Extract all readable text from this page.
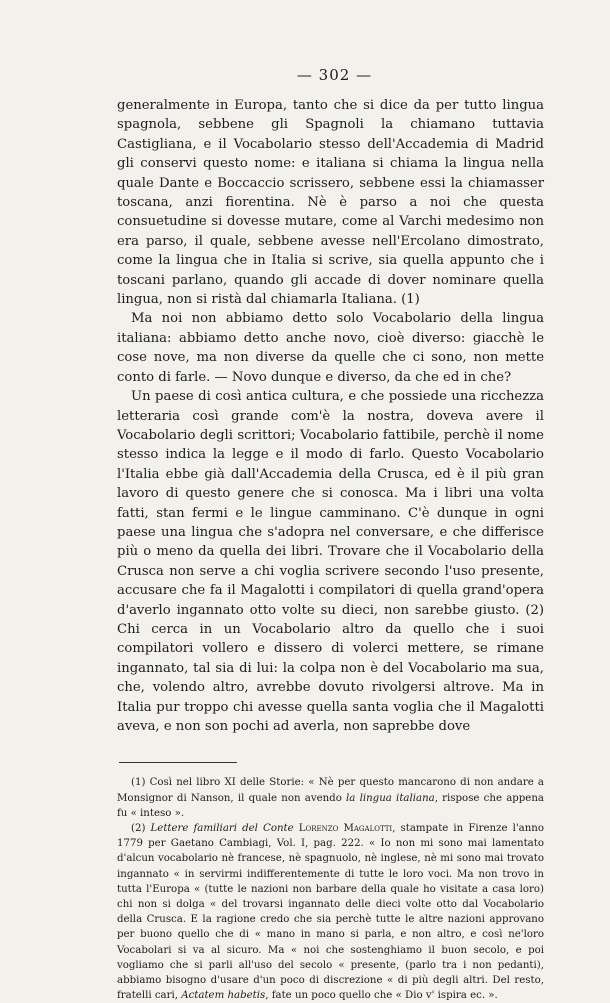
— 302 —

generalmente in Europa, tanto che si dice da per tutto lingua spagnola, sebbene gli Spagnoli la chiamano tuttavia Castigliana, e il Vocabolario stesso dell'Accademia di Madrid gli conservi questo nome: e italiana si chiama la lingua nella quale Dante e Boccaccio scrissero, sebbene essi la chiamasser toscana, anzi fiorentina. Nè è parso a noi che questa consuetudine si dovesse mutare, come al Varchi medesimo non era parso, il quale, sebbene avesse nell'Ercolano dimostrato, come la lingua che in Italia si scrive, sia quella appunto che i toscani parlano, quando gli accade di dover nominare quella lingua, non si ristà dal chiamarla Italiana. (1)

Ma noi non abbiamo detto solo Vocabolario della lingua italiana: abbiamo detto anche novo, cioè diverso: giacchè le cose nove, ma non diverse da quelle che ci sono, non mette conto di farle. — Novo dunque e diverso, da che ed in che?

Un paese di così antica cultura, e che possiede una ricchezza letteraria così grande com'è la nostra, doveva avere il Vocabolario degli scrittori; Vocabolario fattibile, perchè il nome stesso indica la legge e il modo di farlo. Questo Vocabolario l'Italia ebbe già dall'Accademia della Crusca, ed è il più gran lavoro di questo genere che si conosca. Ma i libri una volta fatti, stan fermi e le lingue camminano. C'è dunque in ogni paese una lingua che s'adopra nel conversare, e che differisce più o meno da quella dei libri. Trovare che il Vocabolario della Crusca non serve a chi voglia scrivere secondo l'uso presente, accusare che fa il Magalotti i compilatori di quella grand'opera d'averlo ingannato otto volte su dieci, non sarebbe giusto. (2) Chi cerca in un Vocabolario altro da quello che i suoi compilatori vollero e dissero di volerci mettere, se rimane ingannato, tal sia di lui: la colpa non è del Vocabolario ma sua, che, volendo altro, avrebbe dovuto rivolgersi altrove. Ma in Italia pur troppo chi avesse quella santa voglia che il Magalotti aveva, e non son pochi ad averla, non saprebbe dove

(1) Così nel libro XI delle Storie: « Nè per questo mancarono di non andare a Monsignor di Nanson, il quale non avendo la lingua italiana, rispose che appena fu « inteso ».

(2) Lettere familiari del Conte Lorenzo Magalotti, stampate in Firenze l'anno 1779 per Gaetano Cambiagi, Vol. I, pag. 222. « Io non mi sono mai lamentato d'alcun vocabolario nè francese, nè spagnuolo, nè inglese, nè mi sono mai trovato ingannato « in servirmi indifferentemente di tutte le loro voci. Ma non trovo in tutta l'Europa « (tutte le nazioni non barbare della quale ho visitate a casa loro) chi non si dolga « del trovarsi ingannato delle dieci volte otto dal Vocabolario della Crusca. E la ragione credo che sia perchè tutte le altre nazioni approvano per buono quello che di « mano in mano si parla, e non altro, e così ne'loro Vocabolari si va al sicuro. Ma « noi che sostenghiamo il buon secolo, e poi vogliamo che si parli all'uso del secolo « presente, (parlo tra i non pedanti), abbiamo bisogno d'usare d'un poco di discrezione « di più degli altri. Del resto, fratelli cari, Actatem habetis, fate un poco quello che « Dio v' ispira ec. ».
